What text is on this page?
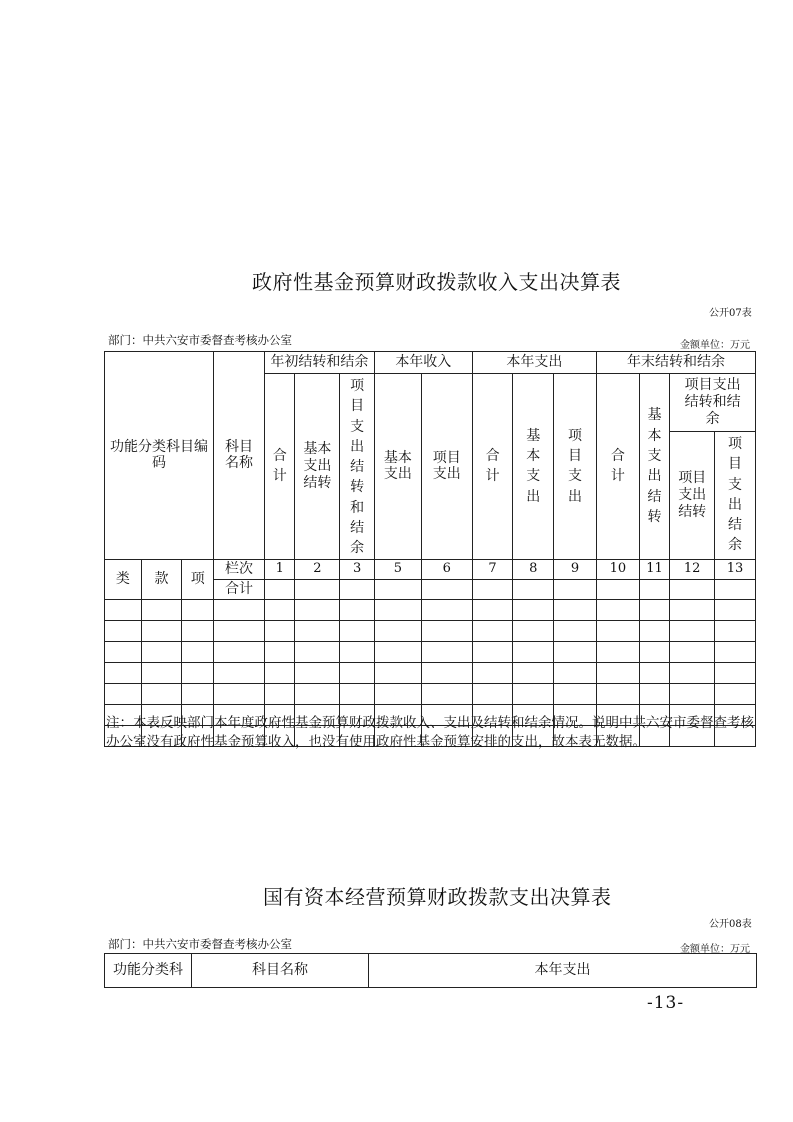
政府性基金预算财政拨款收入支出决算表
公开07表
部门：中共六安市委督查考核办公室	金额单位：万元
功能分类科目编码			科目名称	年初结转和结余			本年收入		本年支出			年末结转和结余			
				合计	基本支出结转	项目支出结转和结余	基本支出	项目支出	合计	基本支出	项目支出	合计	基本支出结转	项目支出结转和结余	
														项目支出结转	项目支出结余

类	款	项	栏次	1	2	3	5	6	7	8	9	10	11	12	13
			合计												

注：本表反映部门本年度政府性基金预算财政拨款收入、支出及结转和结余情况。说明中共六安市委督查考核办公室没有政府性基金预算收入，也没有使用政府性基金预算安排的支出，故本表无数据。
国有资本经营预算财政拨款支出决算表
公开08表
部门：中共六安市委督查考核办公室	金额单位：万元
功能分类科	科目名称	本年支出
-13-
